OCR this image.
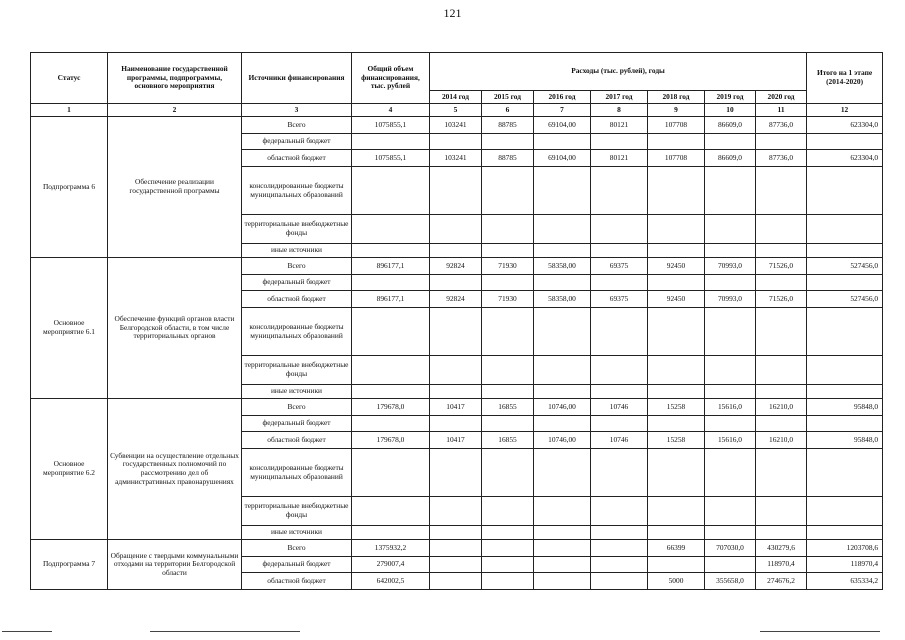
121
Статус	Наименование государственной программы, подпрограммы, основного мероприятия	Источники финансирования	Общий объем финансирования, тыс. рублей	Расходы (тыс. рублей), годы							Итого на 1 этапе (2014-2020)
				2014 год	2015 год	2016 год	2017 год	2018 год	2019 год	2020 год	
1	2	3	4	5	6	7	8	9	10	11	12
Подпрограмма 6	Обеспечение реализации государственной программы	Всего	1075855,1	103241	88785	69104,00	80121	107708	86609,0	87736,0	623304,0
		федеральный бюджет									
		областной бюджет	1075855,1	103241	88785	69104,00	80121	107708	86609,0	87736,0	623304,0
		консолидированные бюджеты муниципальных образований									
		территориальные внебюджетные фонды									
		иные источники									
Основное мероприятие 6.1	Обеспечение функций органов власти Белгородской области, в том числе территориальных органов	Всего	896177,1	92824	71930	58358,00	69375	92450	70993,0	71526,0	527456,0
		федеральный бюджет									
		областной бюджет	896177,1	92824	71930	58358,00	69375	92450	70993,0	71526,0	527456,0
		консолидированные бюджеты муниципальных образований									
		территориальные внебюджетные фонды									
		иные источники									
Основное мероприятие 6.2	Субвенции на осуществление отдельных государственных полномочий по рассмотрению дел об административных правонарушениях	Всего	179678,0	10417	16855	10746,00	10746	15258	15616,0	16210,0	95848,0
		федеральный бюджет									
		областной бюджет	179678,0	10417	16855	10746,00	10746	15258	15616,0	16210,0	95848,0
		консолидированные бюджеты муниципальных образований									
		территориальные внебюджетные фонды									
		иные источники									
Подпрограмма 7	Обращение с твердыми коммунальными отходами на территории Белгородской области	Всего	1375932,2					66399	707030,0	430279,6	1203708,6
		федеральный бюджет	279007,4							118970,4	118970,4
		областной бюджет	642002,5					5000	355658,0	274676,2	635334,2
